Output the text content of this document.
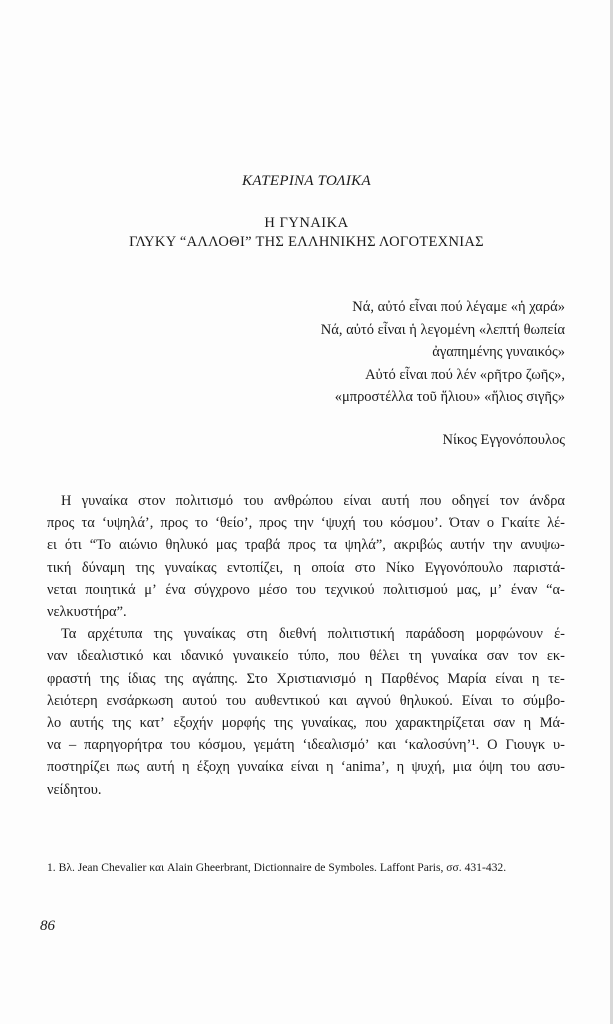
ΚΑΤΕΡΙΝΑ ΤΟΛΙΚΑ
Η ΓΥΝΑΙΚΑ
ΓΛΥΚΥ “ΑΛΛΟΘΙ” ΤΗΣ ΕΛΛΗΝΙΚΗΣ ΛΟΓΟΤΕΧΝΙΑΣ
Νά, αὐτό εἶναι πού λέγαμε «ἡ χαρά»
Νά, αὐτό εἶναι ἡ λεγομένη «λεπτή θωπεία
ἀγαπημένης γυναικός»
Αὐτό εἶναι πού λέν «ρῆτρο ζωῆς»,
«μπροστέλλα τοῦ ἥλιου» «ἥλιος σιγῆς»
Νίκος Εγγονόπουλος
Η γυναίκα στον πολιτισμό του ανθρώπου είναι αυτή που οδηγεί τον άνδρα
προς τα ‘υψηλά’, προς το ‘θείο’, προς την ‘ψυχή του κόσμου’. Όταν ο Γκαίτε λέ-
ει ότι “Το αιώνιο θηλυκό μας τραβά προς τα ψηλά”, ακριβώς αυτήν την ανυψω-
τική δύναμη της γυναίκας εντοπίζει, η οποία στο Νίκο Εγγονόπουλο παριστά-
νεται ποιητικά μ’ ένα σύγχρονο μέσο του τεχνικού πολιτισμού μας, μ’ έναν “α-
νελκυστήρα”.
Τα αρχέτυπα της γυναίκας στη διεθνή πολιτιστική παράδοση μορφώνουν έ-
ναν ιδεαλιστικό και ιδανικό γυναικείο τύπο, που θέλει τη γυναίκα σαν τον εκ-
φραστή της ίδιας της αγάπης. Στο Χριστιανισμό η Παρθένος Μαρία είναι η τε-
λειότερη ενσάρκωση αυτού του αυθεντικού και αγνού θηλυκού. Είναι το σύμβο-
λο αυτής της κατ’ εξοχήν μορφής της γυναίκας, που χαρακτηρίζεται σαν η Μά-
να – παρηγορήτρα του κόσμου, γεμάτη ‘ιδεαλισμό’ και ‘καλοσύνη’¹. Ο Γιουγκ υ-
ποστηρίζει πως αυτή η έξοχη γυναίκα είναι η ‘anima’, η ψυχή, μια όψη του ασυ-
νείδητου.
1. Βλ. Jean Chevalier και Alain Gheerbrant, Dictionnaire de Symboles. Laffont Paris, σσ. 431-432.
86
